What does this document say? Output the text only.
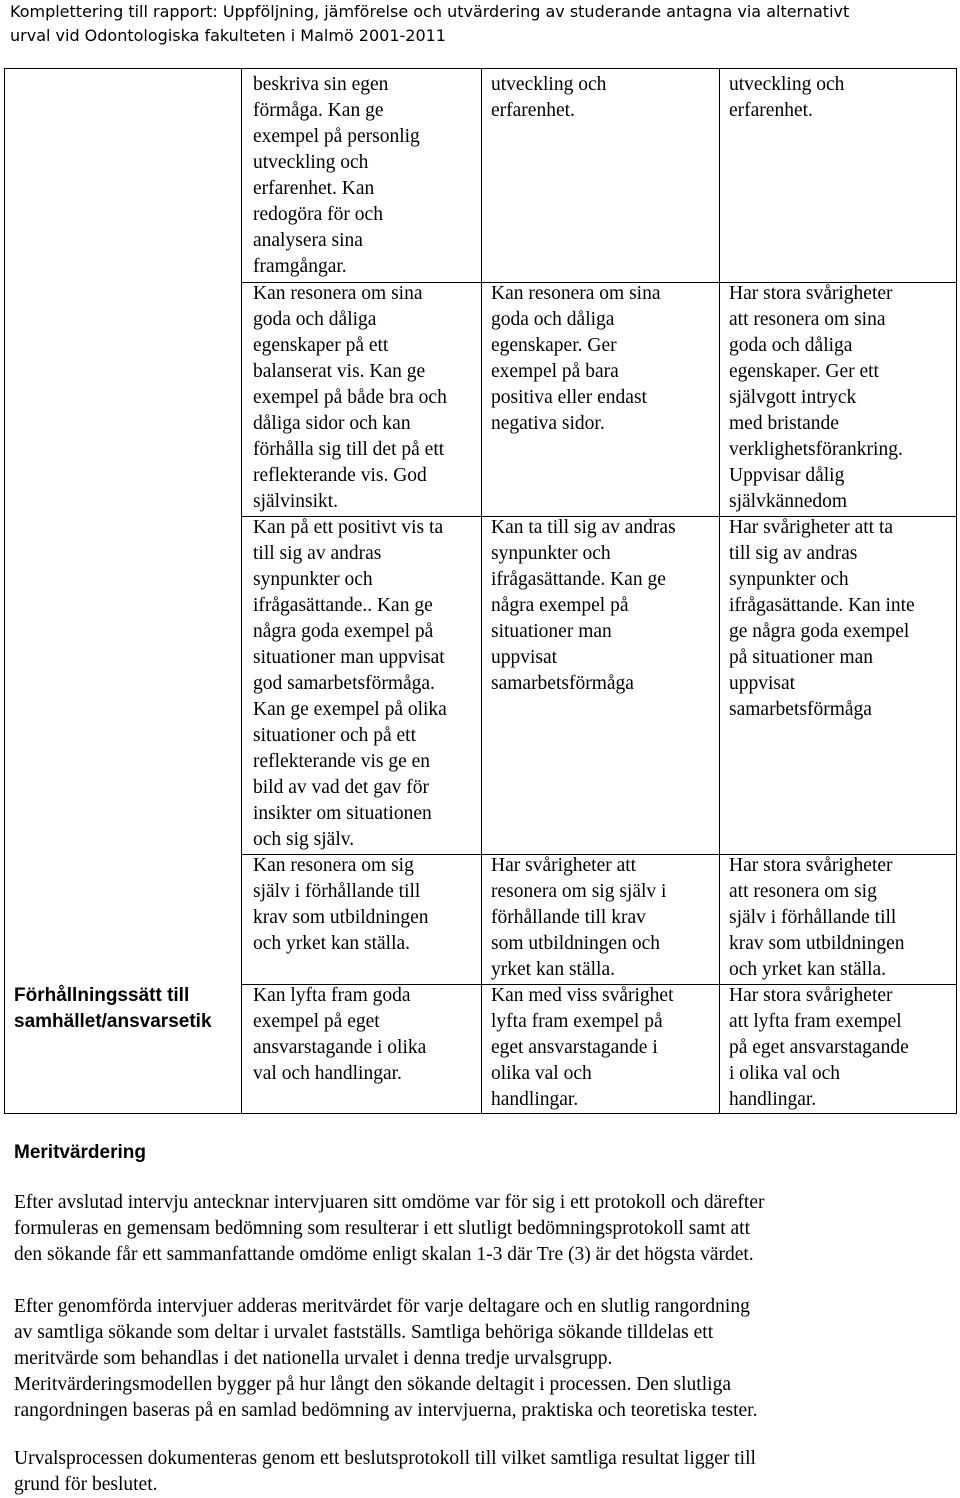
Komplettering till rapport: Uppföljning, jämförelse och utvärdering av studerande antagna via alternativt
urval vid Odontologiska fakulteten i Malmö 2001-2011
Förhållningssätt till
samhället/ansvarsetik
beskriva sin egen
förmåga. Kan ge
exempel på personlig
utveckling och
erfarenhet. Kan
redogöra för och
analysera sina
framgångar.
Kan resonera om sina
goda och dåliga
egenskaper på ett
balanserat vis. Kan ge
exempel på både bra och
dåliga sidor och kan
förhålla sig till det på ett
reflekterande vis. God
självinsikt.
Kan på ett positivt vis ta
till sig av andras
synpunkter och
ifrågasättande.. Kan ge
några goda exempel på
situationer man uppvisat
god samarbetsförmåga.
Kan ge exempel på olika
situationer och på ett
reflekterande vis ge en
bild av vad det gav för
insikter om situationen
och sig själv.
Kan resonera om sig
själv i förhållande till
krav som utbildningen
och yrket kan ställa.
Kan lyfta fram goda
exempel på eget
ansvarstagande i olika
val och handlingar.
utveckling och
erfarenhet.
Kan resonera om sina
goda och dåliga
egenskaper. Ger
exempel på bara
positiva eller endast
negativa sidor.
Kan ta till sig av andras
synpunkter och
ifrågasättande. Kan ge
några exempel på
situationer man
uppvisat
samarbetsförmåga
Har svårigheter att
resonera om sig själv i
förhållande till krav
som utbildningen och
yrket kan ställa.
Kan med viss svårighet
lyfta fram exempel på
eget ansvarstagande i
olika val och
handlingar.
utveckling och
erfarenhet.
Har stora svårigheter
att resonera om sina
goda och dåliga
egenskaper. Ger ett
självgott intryck
med bristande
verklighetsförankring.
Uppvisar dålig
självkännedom
Har svårigheter att ta
till sig av andras
synpunkter och
ifrågasättande. Kan inte
ge några goda exempel
på situationer man
uppvisat
samarbetsförmåga
Har stora svårigheter
att resonera om sig
själv i förhållande till
krav som utbildningen
och yrket kan ställa.
Har stora svårigheter
att lyfta fram exempel
på eget ansvarstagande
i olika val och
handlingar.
Meritvärdering
Efter avslutad intervju antecknar intervjuaren sitt omdöme var för sig i ett protokoll och därefter
formuleras en gemensam bedömning som resulterar i ett slutligt bedömningsprotokoll samt att
den sökande får ett sammanfattande omdöme enligt skalan 1-3 där Tre (3) är det högsta värdet.
Efter genomförda intervjuer adderas meritvärdet för varje deltagare och en slutlig rangordning
av samtliga sökande som deltar i urvalet fastställs. Samtliga behöriga sökande tilldelas ett
meritvärde som behandlas i det nationella urvalet i denna tredje urvalsgrupp.
Meritvärderingsmodellen bygger på hur långt den sökande deltagit i processen. Den slutliga
rangordningen baseras på en samlad bedömning av intervjuerna, praktiska och teoretiska tester.
Urvalsprocessen dokumenteras genom ett beslutsprotokoll till vilket samtliga resultat ligger till
grund för beslutet.
